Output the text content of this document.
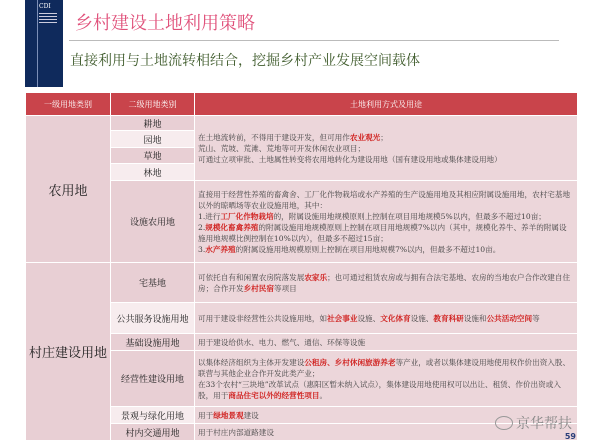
CDI
乡村建设土地利用策略
直接利用与土地流转相结合，挖掘乡村产业发展空间载体
一级用地类别	二级用地类别	土地利用方式及用途
农用地	耕地	在土地流转前，不得用于建设开发，但可用作农业观光；
荒山、荒坡、荒滩、荒地等可开发休闲农业项目；
可通过立项审批、土地属性转变将农用地转化为建设用地（国有建设用地或集体建设用地）
	园地	
	草地	
	林地	
	设施农用地	直接用于经营性养殖的畜禽舍、工厂化作物栽培或水产养殖的生产设施用地及其相应附属设施用地，农村宅基地以外的晾晒场等农业设施用地，其中：
1.进行工厂化作物栽培的，附属设施用地规模原则上控制在项目用地规模5%以内，但最多不超过10亩；
2.规模化畜禽养殖的附属设施用地规模原则上控制在项目用地规模7%以内（其中，规模化养牛、养羊的附属设施用地规模比例控制在10%以内），但最多不超过15亩；
3.水产养殖的附属设施用地规模原则上控制在项目用地规模7%以内，但最多不超过10亩。
村庄建设用地	宅基地	可依托自有和闲置农房院落发展农家乐；也可通过租赁农房或与拥有合法宅基地、农房的当地农户合作改建自住房；合作开发乡村民宿等项目
	公共服务设施用地	可用于建设非经营性公共设施用地，如社会事业设施、文化体育设施、教育科研设施和公共活动空间等
	基础设施用地	用于建设给供水、电力、燃气、通信、环保等设施
	经营性建设用地	以集体经济组织为主体开发建设公租房、乡村休闲旅游养老等产业，或者以集体建设用地使用权作价出资入股、联营与其他企业合作开发此类产业；
在33个农村“三块地”改革试点（惠阳区暂未纳入试点），集体建设用地使用权可以出让、租赁、作价出资或入股，用于商品住宅以外的经营性项目。
	景观与绿化用地	用于绿地景观建设
	村内交通用地	用于村庄内部道路建设	京华帮扶
59
